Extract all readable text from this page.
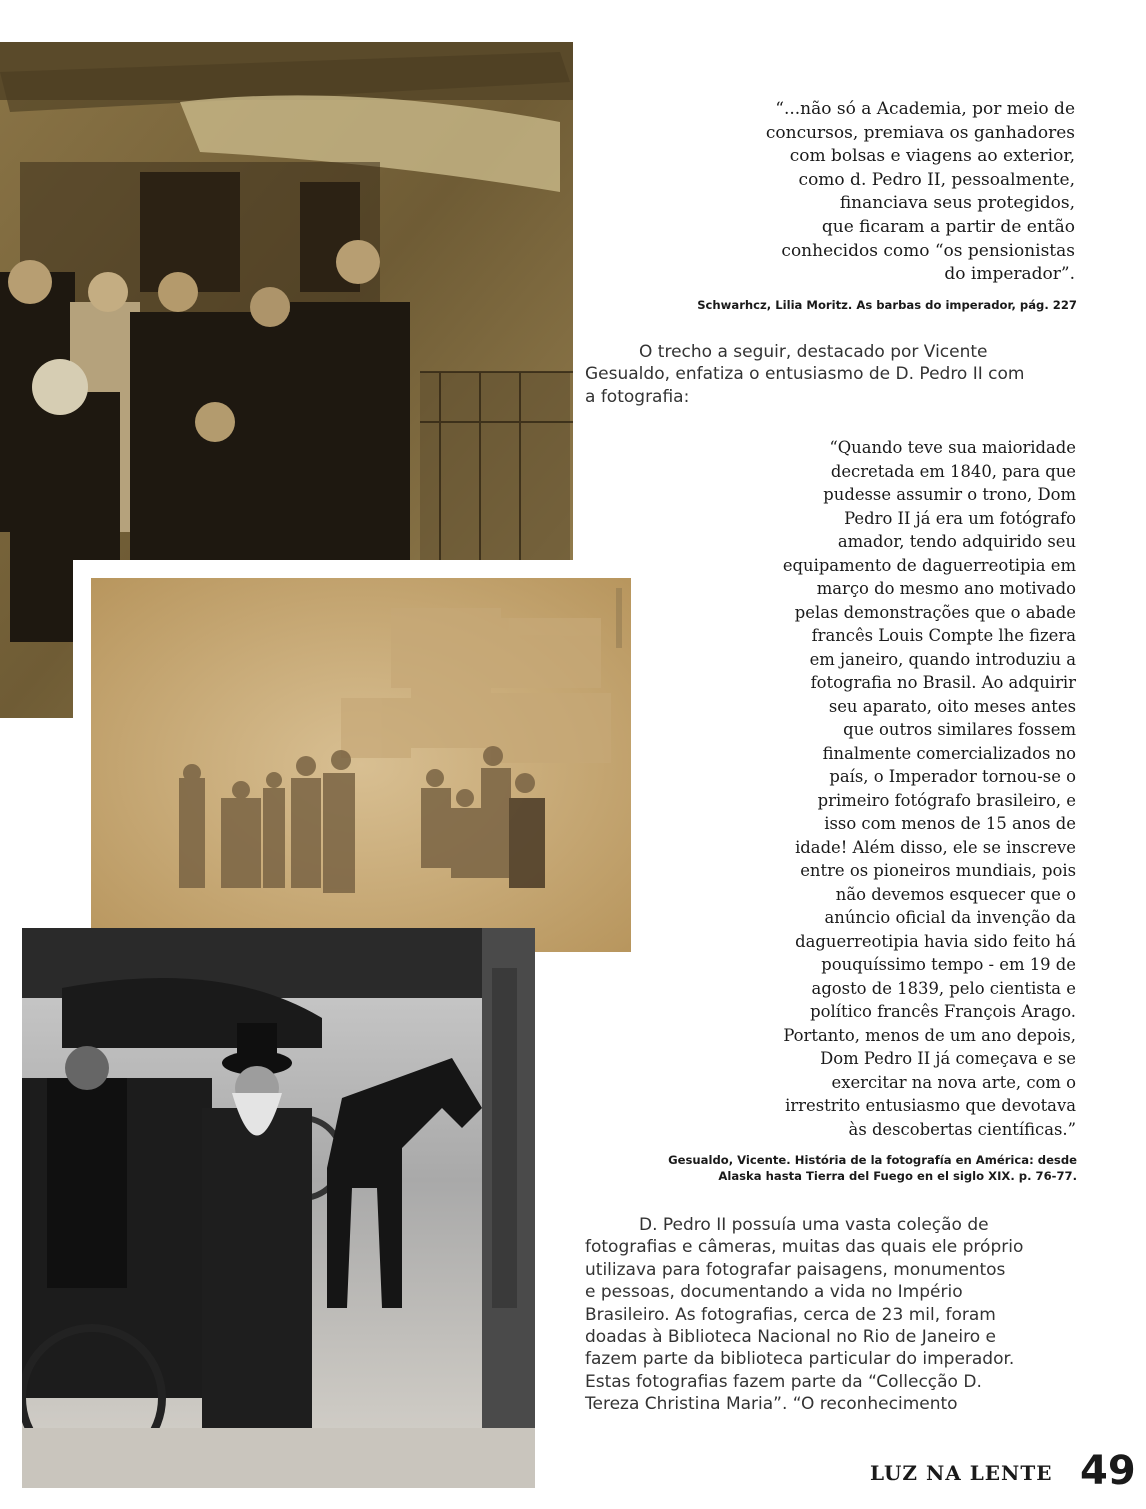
“...não só a Academia, por meio de
concursos, premiava os ganhadores
com bolsas e viagens ao exterior,
como d. Pedro II, pessoalmente,
financiava seus protegidos,
que ficaram a partir de então
conhecidos como “os pensionistas
do imperador”.
Schwarhcz, Lilia Moritz. As barbas do imperador, pág. 227
O trecho a seguir, destacado por Vicente
Gesualdo, enfatiza o entusiasmo de D. Pedro II com
a fotografia:
“Quando teve sua maioridade
decretada em 1840, para que
pudesse assumir o trono, Dom
Pedro II já era um fotógrafo
amador, tendo adquirido seu
equipamento de daguerreotipia em
março do mesmo ano motivado
pelas demonstrações que o abade
francês Louis Compte lhe fizera
em janeiro, quando introduziu a
fotografia no Brasil. Ao adquirir
seu aparato, oito meses antes
que outros similares fossem
finalmente comercializados no
país, o Imperador tornou-se o
primeiro fotógrafo brasileiro, e
isso com menos de 15 anos de
idade! Além disso, ele se inscreve
entre os pioneiros mundiais, pois
não devemos esquecer que o
anúncio oficial da invenção da
daguerreotipia havia sido feito há
pouquíssimo tempo - em 19 de
agosto de 1839, pelo cientista e
político francês François Arago.
Portanto, menos de um ano depois,
Dom Pedro II já começava e se
exercitar na nova arte, com o
irrestrito entusiasmo que devotava
às descobertas científicas.”
Gesualdo, Vicente. História de la fotografía en América: desde
Alaska hasta Tierra del Fuego en el siglo XIX. p. 76-77.
D. Pedro II possuía uma vasta coleção de
fotografias e câmeras, muitas das quais ele próprio
utilizava para fotografar paisagens, monumentos
e pessoas, documentando a vida no Império
Brasileiro. As fotografias, cerca de 23 mil, foram
doadas à Biblioteca Nacional no Rio de Janeiro e
fazem parte da biblioteca particular do imperador.
Estas fotografias fazem parte da “Collecção D.
Tereza Christina Maria”. “O reconhecimento
LUZ NA LENTE 49
